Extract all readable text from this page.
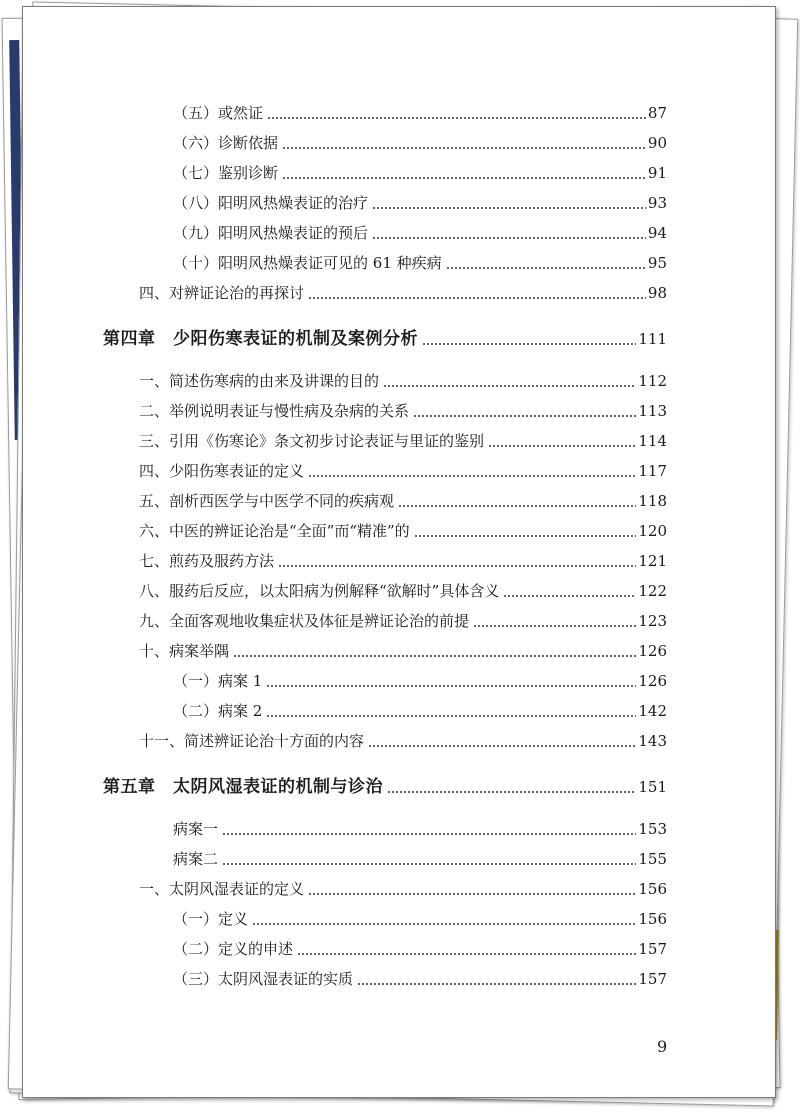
（五）或然证	87
（六）诊断依据	90
（七）鉴别诊断	91
（八）阳明风热燥表证的治疗	93
（九）阳明风热燥表证的预后	94
（十）阳明风热燥表证可见的 61 种疾病	95
四、对辨证论治的再探讨	98
第四章　少阳伤寒表证的机制及案例分析	111
一、简述伤寒病的由来及讲课的目的	112
二、举例说明表证与慢性病及杂病的关系	113
三、引用《伤寒论》条文初步讨论表证与里证的鉴别	114
四、少阳伤寒表证的定义	117
五、剖析西医学与中医学不同的疾病观	118
六、中医的辨证论治是“全面”而“精准”的	120
七、煎药及服药方法	121
八、服药后反应，以太阳病为例解释“欲解时”具体含义	122
九、全面客观地收集症状及体征是辨证论治的前提	123
十、病案举隅	126
（一）病案 1	126
（二）病案 2	142
十一、简述辨证论治十方面的内容	143
第五章　太阴风湿表证的机制与诊治	151
病案一	153
病案二	155
一、太阴风湿表证的定义	156
（一）定义	156
（二）定义的申述	157
（三）太阴风湿表证的实质	157
9
